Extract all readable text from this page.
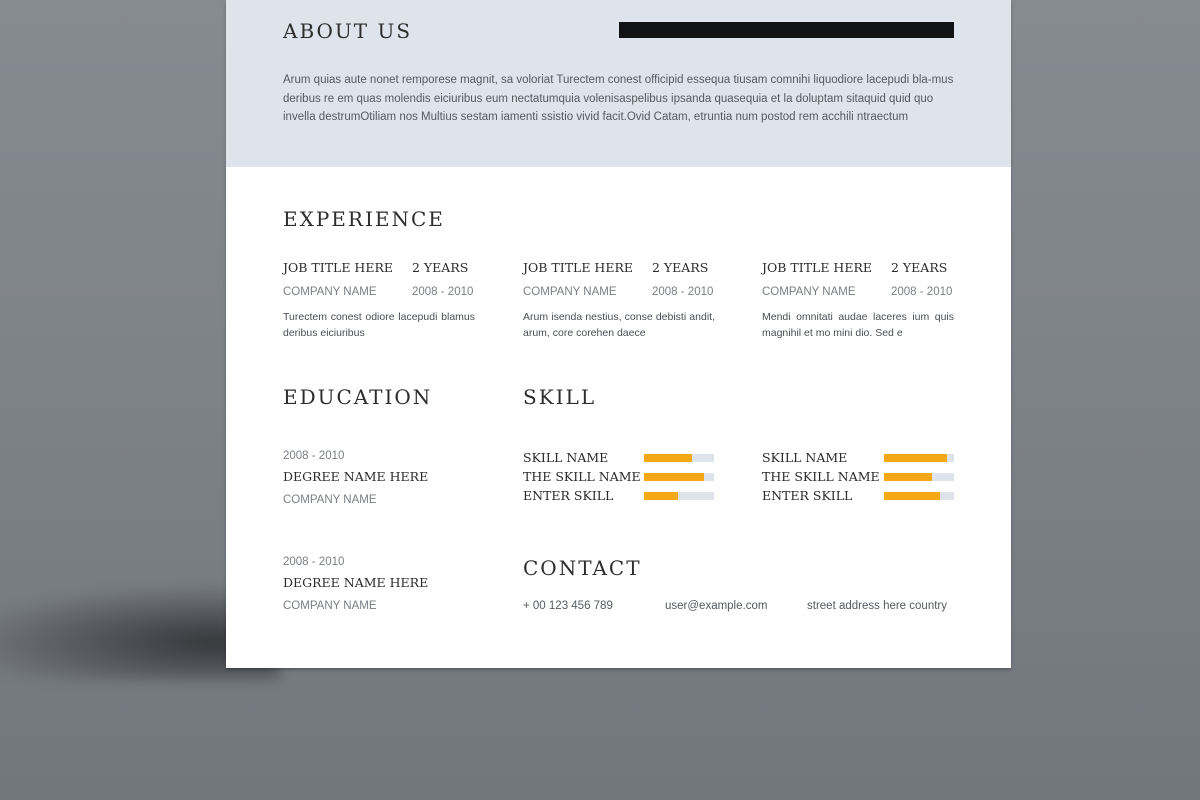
ABOUT US

Arum quias aute nonet remporese magnit, sa voloriat Turectem conest officipid essequa tiusam comnihi liquodiore lacepudi bla-mus deribus re em quas molendis eiciuribus eum nectatumquia volenisaspelibus ipsanda quasequia et la doluptam sitaquid quid quo invella destrumOtiliam nos Multius sestam iamenti ssistio vivid facit.Ovid Catam, etruntia num postod rem acchili ntraectum

EXPERIENCE
JOB TITLE HERE 2 YEARS
COMPANY NAME	2008 - 2010

Turectem conest odiore lacepudi blamus deribus eiciuribus

JOB TITLE HERE 2 YEARS
COMPANY NAME	2008 - 2010

Arum isenda nestius, conse debisti andit, arum, core corehen daece

JOB TITLE HERE 2 YEARS
COMPANY NAME	2008 - 2010

Mendi omnitati audae laceres ium quis magnihil et mo mini dio. Sed e

EDUCATION
2008 - 2010
DEGREE NAME HERE
COMPANY NAME
2008 - 2010
DEGREE NAME HERE
COMPANY NAME
SKILL
SKILL NAME
THE SKILL NAME
ENTER SKILL
SKILL NAME
THE SKILL NAME
ENTER SKILL
CONTACT
+ 00 123 456 789	user@example.com	street address here country
